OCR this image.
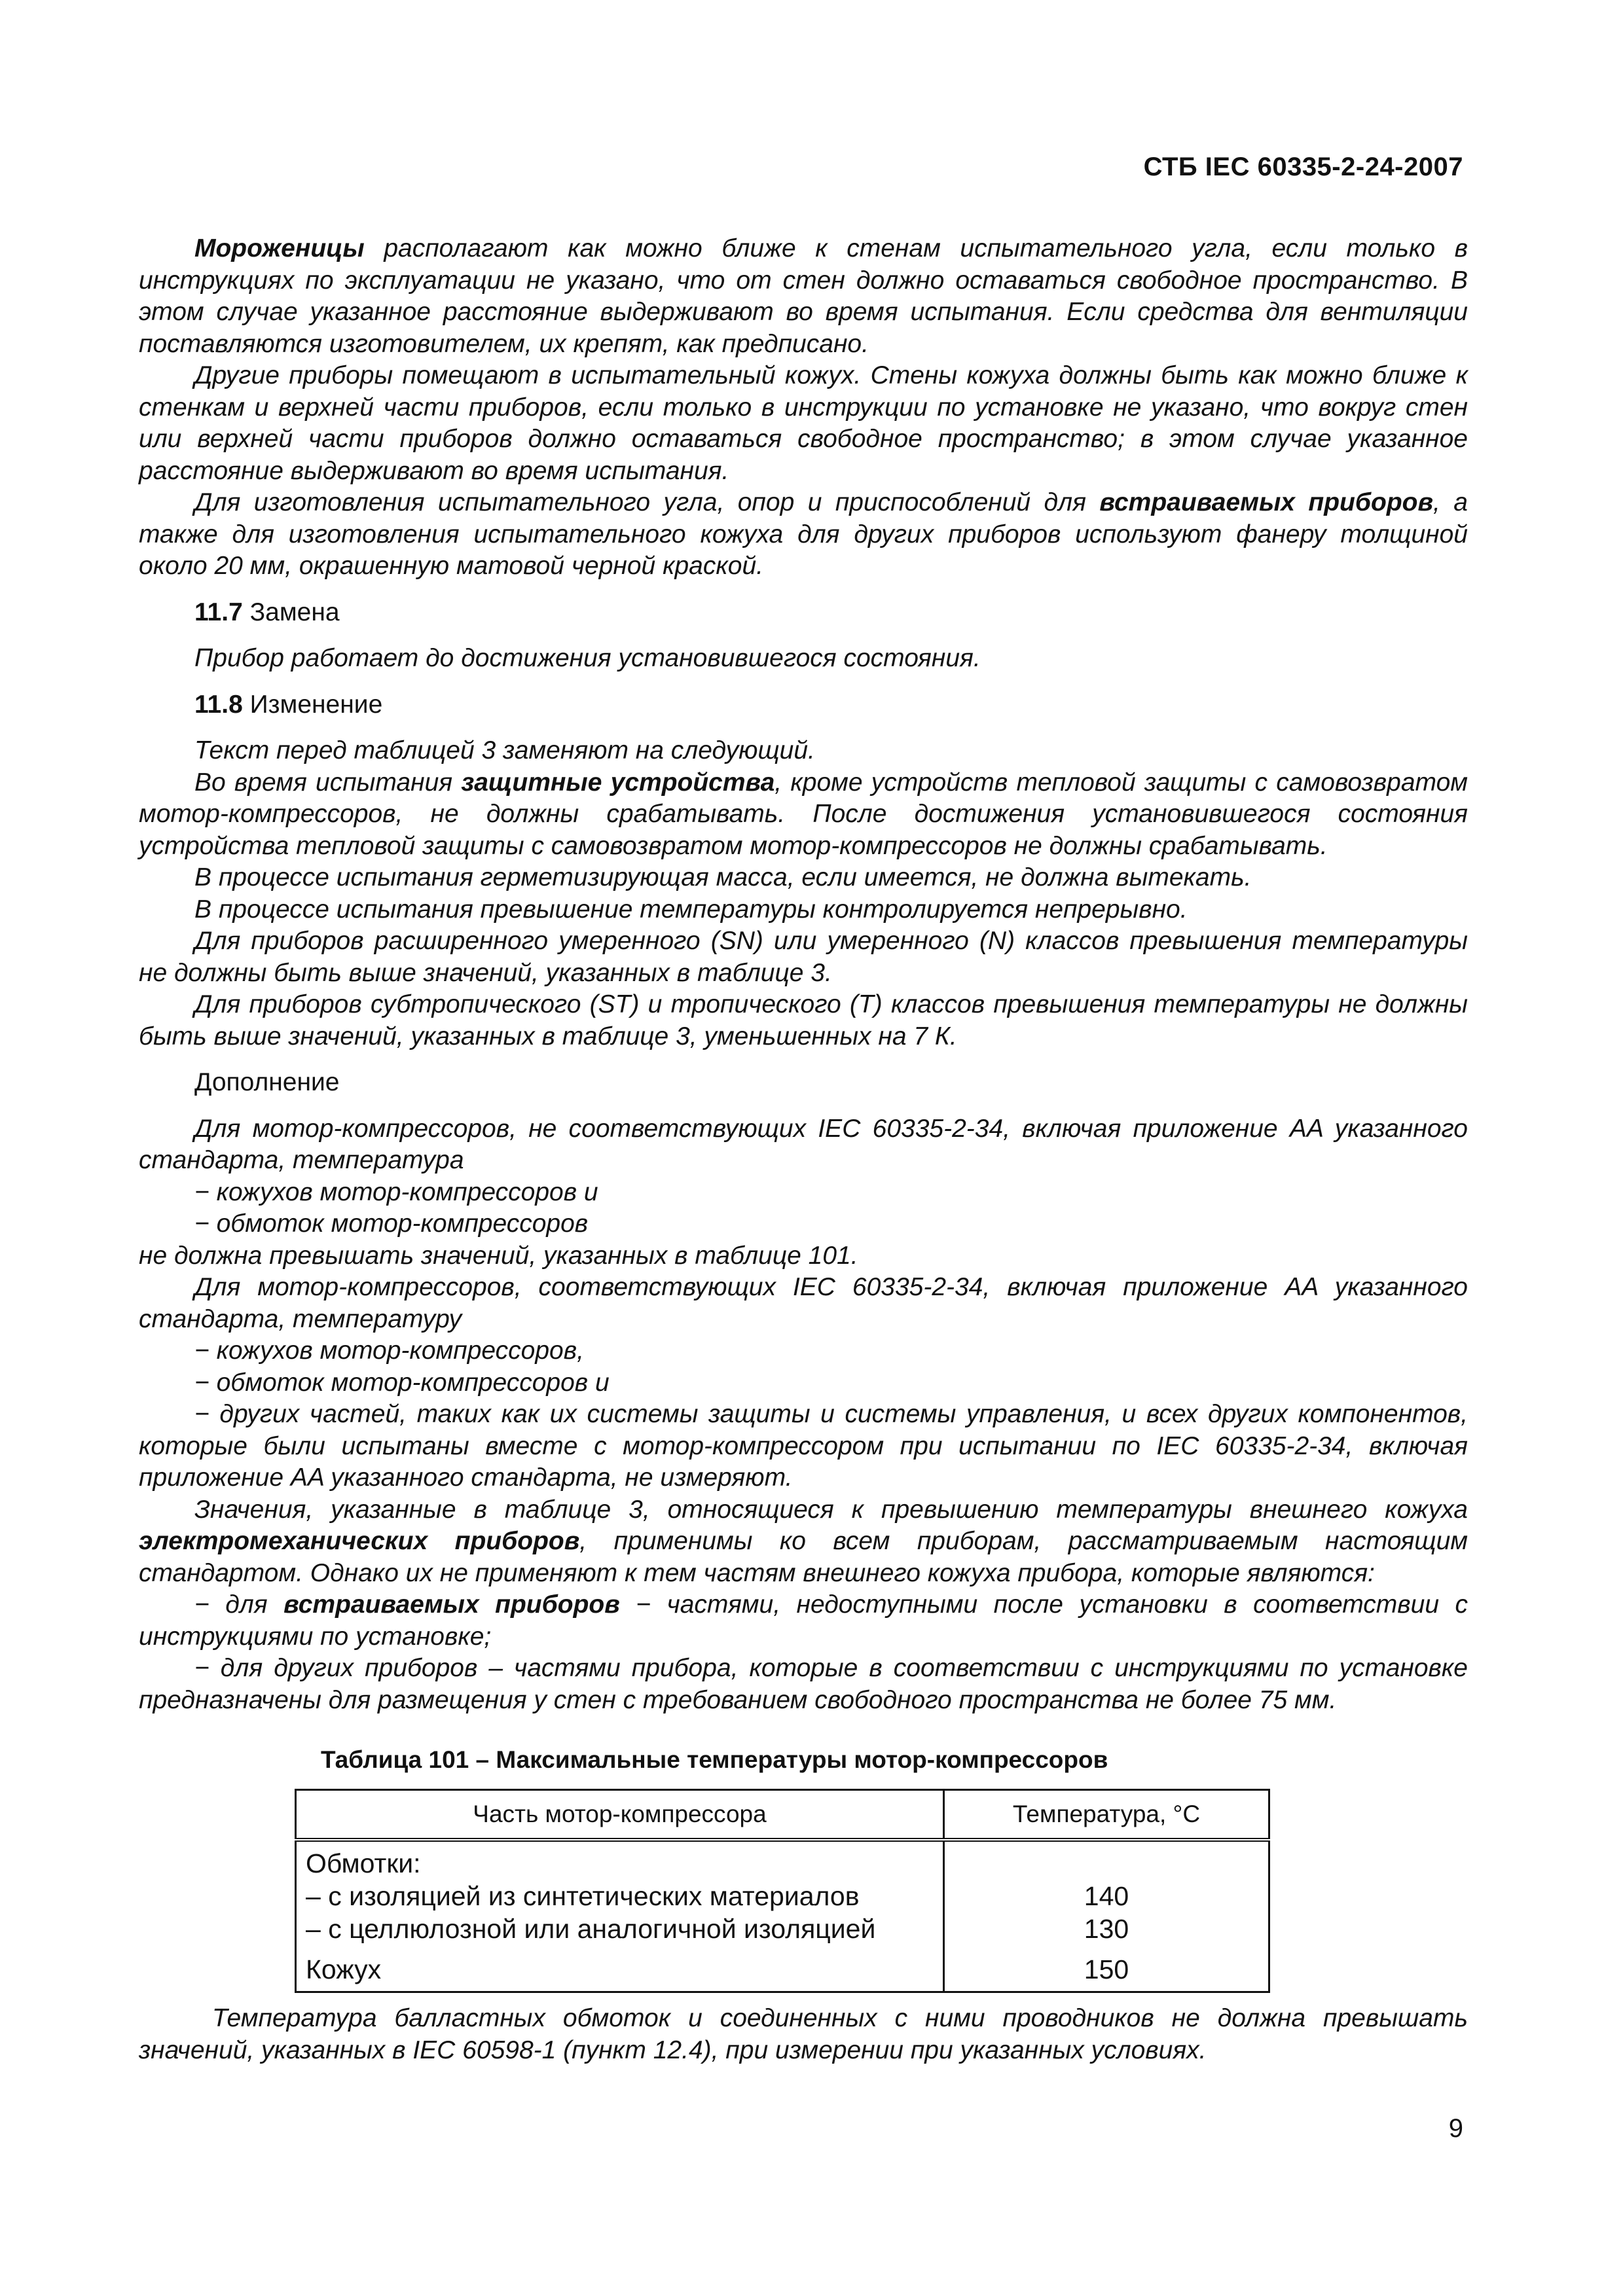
СТБ IEC 60335-2-24-2007

Мороженицы располагают как можно ближе к стенам испытательного угла, если только в инструкциях по эксплуатации не указано, что от стен должно оставаться свободное пространство. В этом случае указанное расстояние выдерживают во время испытания. Если средства для вентиляции поставляются изготовителем, их крепят, как предписано.

Другие приборы помещают в испытательный кожух. Стены кожуха должны быть как можно ближе к стенкам и верхней части приборов, если только в инструкции по установке не указано, что вокруг стен или верхней части приборов должно оставаться свободное пространство; в этом случае указанное расстояние выдерживают во время испытания.

Для изготовления испытательного угла, опор и приспособлений для встраиваемых приборов, а также для изготовления испытательного кожуха для других приборов используют фанеру толщиной около 20 мм, окрашенную матовой черной краской.

11.7 Замена

Прибор работает до достижения установившегося состояния.

11.8 Изменение

Текст перед таблицей 3 заменяют на следующий.

Во время испытания защитные устройства, кроме устройств тепловой защиты с самовозвратом мотор-компрессоров, не должны срабатывать. После достижения установившегося состояния устройства тепловой защиты с самовозвратом мотор-компрессоров не должны срабатывать.

В процессе испытания герметизирующая масса, если имеется, не должна вытекать.

В процессе испытания превышение температуры контролируется непрерывно.

Для приборов расширенного умеренного (SN) или умеренного (N) классов превышения температуры не должны быть выше значений, указанных в таблице 3.

Для приборов субтропического (ST) и тропического (T) классов превышения температуры не должны быть выше значений, указанных в таблице 3, уменьшенных на 7 К.

Дополнение

Для мотор-компрессоров, не соответствующих IEC 60335-2-34, включая приложение AA указанного стандарта, температура

− кожухов мотор-компрессоров и

− обмоток мотор-компрессоров

не должна превышать значений, указанных в таблице 101.

Для мотор-компрессоров, соответствующих IEC 60335-2-34, включая приложение AA указанного стандарта, температуру

− кожухов мотор-компрессоров,

− обмоток мотор-компрессоров и

− других частей, таких как их системы защиты и системы управления, и всех других компонентов, которые были испытаны вместе с мотор-компрессором при испытании по IEC 60335-2-34, включая приложение AA указанного стандарта, не измеряют.

Значения, указанные в таблице 3, относящиеся к превышению температуры внешнего кожуха электромеханических приборов, применимы ко всем приборам, рассматриваемым настоящим стандартом. Однако их не применяют к тем частям внешнего кожуха прибора, которые являются:

− для встраиваемых приборов − частями, недоступными после установки в соответствии с инструкциями по установке;

− для других приборов – частями прибора, которые в соответствии с инструкциями по установке предназначены для размещения у стен с требованием свободного пространства не более 75 мм.

Таблица 101 – Максимальные температуры мотор-компрессоров
Часть мотор-компрессора	Температура, °C
Обмотки:	
– с изоляцией из синтетических материалов	140
– с целлюлозной или аналогичной изоляцией	130
Кожух	150

Температура балластных обмоток и соединенных с ними проводников не должна превышать значений, указанных в IEC 60598-1 (пункт 12.4), при измерении при указанных условиях.

9
